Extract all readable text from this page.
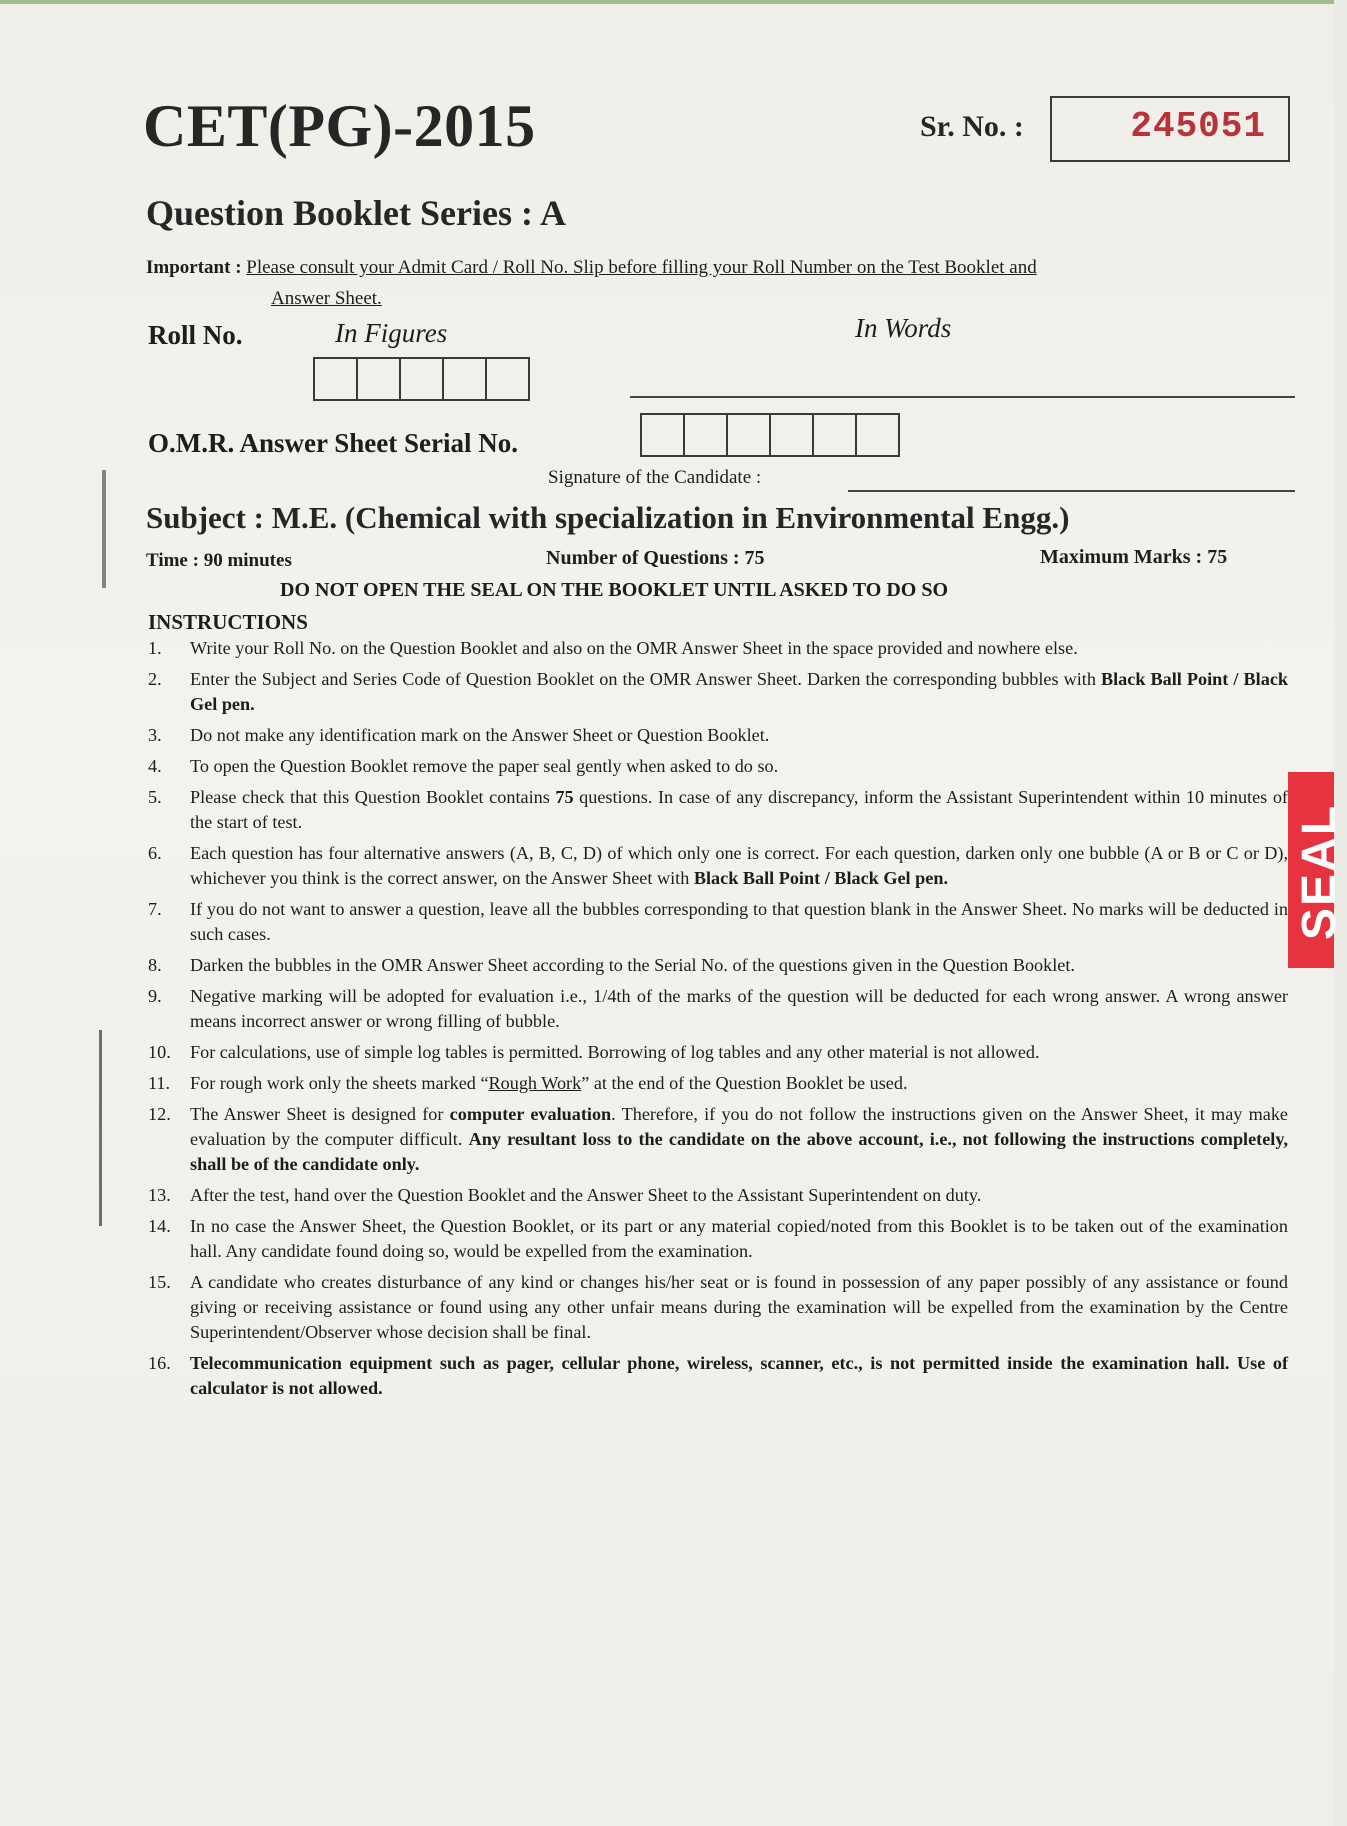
CET(PG)-2015	Sr. No. :	245051
Question Booklet Series : A
Important : Please consult your Admit Card / Roll No. Slip before filling your Roll Number on the Test Booklet and
Answer Sheet.
Roll No.	In Figures	In Words
O.M.R. Answer Sheet Serial No.
Signature of the Candidate :
Subject : M.E. (Chemical with specialization in Environmental Engg.)
Time : 90 minutes	Number of Questions : 75	Maximum Marks : 75
DO NOT OPEN THE SEAL ON THE BOOKLET UNTIL ASKED TO DO SO
INSTRUCTIONS
1.	Write your Roll No. on the Question Booklet and also on the OMR Answer Sheet in the space provided and nowhere else.
2.	Enter the Subject and Series Code of Question Booklet on the OMR Answer Sheet. Darken the corresponding bubbles with Black Ball Point / Black Gel pen.
3.	Do not make any identification mark on the Answer Sheet or Question Booklet.
4.	To open the Question Booklet remove the paper seal gently when asked to do so.
5.	Please check that this Question Booklet contains 75 questions. In case of any discrepancy, inform the Assistant Superintendent within 10 minutes of the start of test.
6.	Each question has four alternative answers (A, B, C, D) of which only one is correct. For each question, darken only one bubble (A or B or C or D), whichever you think is the correct answer, on the Answer Sheet with Black Ball Point / Black Gel pen.
7.	If you do not want to answer a question, leave all the bubbles corresponding to that question blank in the Answer Sheet. No marks will be deducted in such cases.
8.	Darken the bubbles in the OMR Answer Sheet according to the Serial No. of the questions given in the Question Booklet.
9.	Negative marking will be adopted for evaluation i.e., 1/4th of the marks of the question will be deducted for each wrong answer. A wrong answer means incorrect answer or wrong filling of bubble.
10.	For calculations, use of simple log tables is permitted. Borrowing of log tables and any other material is not allowed.
11.	For rough work only the sheets marked “Rough Work” at the end of the Question Booklet be used.
12.	The Answer Sheet is designed for computer evaluation. Therefore, if you do not follow the instructions given on the Answer Sheet, it may make evaluation by the computer difficult. Any resultant loss to the candidate on the above account, i.e., not following the instructions completely, shall be of the candidate only.
13.	After the test, hand over the Question Booklet and the Answer Sheet to the Assistant Superintendent on duty.
14.	In no case the Answer Sheet, the Question Booklet, or its part or any material copied/noted from this Booklet is to be taken out of the examination hall. Any candidate found doing so, would be expelled from the examination.
15.	A candidate who creates disturbance of any kind or changes his/her seat or is found in possession of any paper possibly of any assistance or found giving or receiving assistance or found using any other unfair means during the examination will be expelled from the examination by the Centre Superintendent/Observer whose decision shall be final.
16.	Telecommunication equipment such as pager, cellular phone, wireless, scanner, etc., is not permitted inside the examination hall. Use of calculator is not allowed.
SEAL
